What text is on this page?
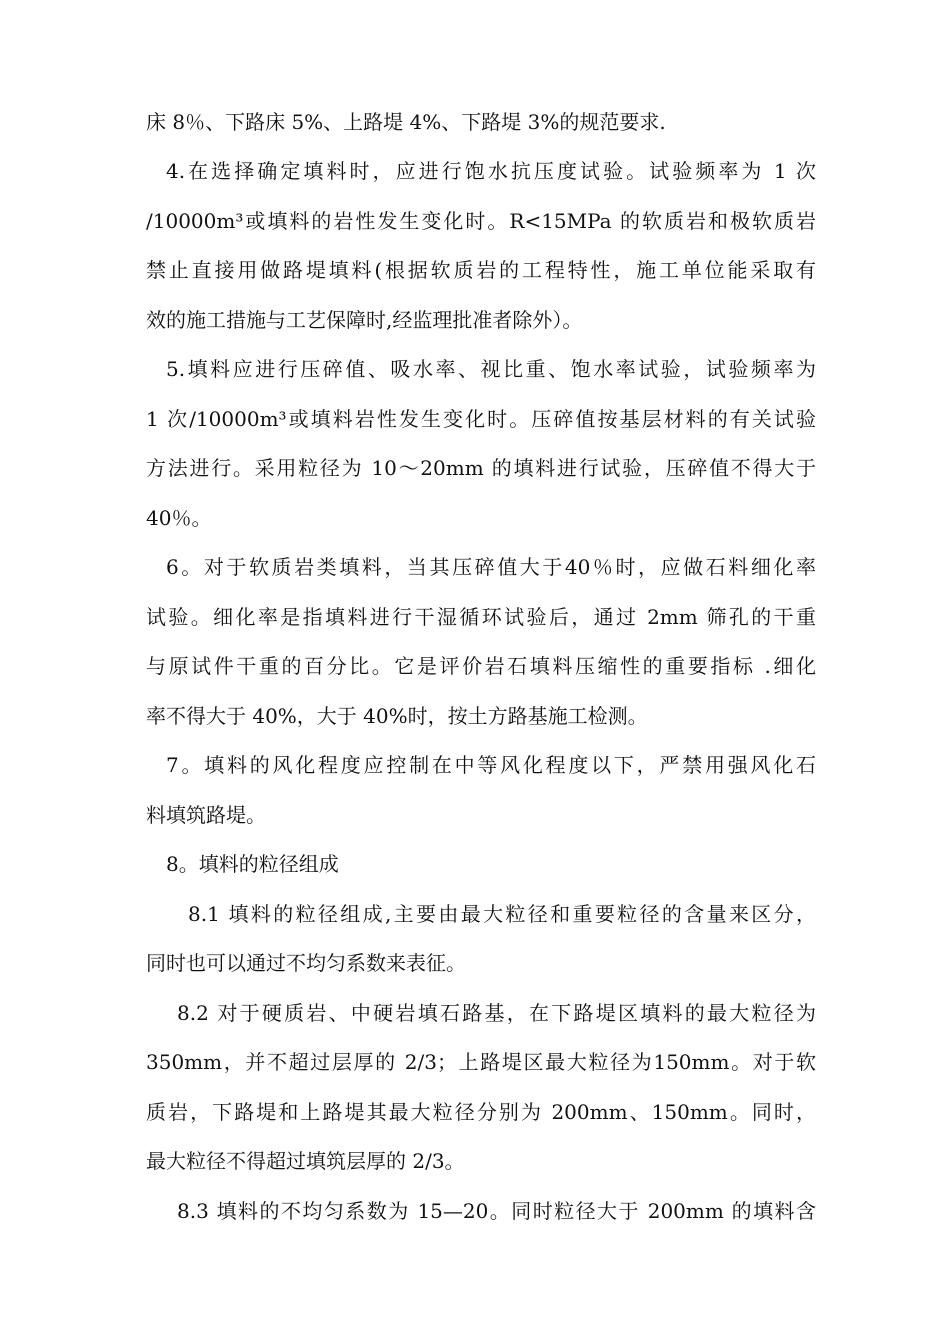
床 8％、下路床 5%、上路堤 4%、下路堤 3%的规范要求.
4.在选择确定填料时，应进行饱水抗压度试验。试验频率为 1 次
/10000m³或填料的岩性发生变化时。R<15MPa 的软质岩和极软质岩
禁止直接用做路堤填料(根据软质岩的工程特性，施工单位能采取有
效的施工措施与工艺保障时,经监理批准者除外）。
5.填料应进行压碎值、吸水率、视比重、饱水率试验，试验频率为
1 次/10000m³或填料岩性发生变化时。压碎值按基层材料的有关试验
方法进行。采用粒径为 10～20mm 的填料进行试验，压碎值不得大于
40％。
6。对于软质岩类填料，当其压碎值大于40％时，应做石料细化率
试验。细化率是指填料进行干湿循环试验后，通过 2mm 筛孔的干重
与原试件干重的百分比。它是评价岩石填料压缩性的重要指标 .细化
率不得大于 40%，大于 40%时，按土方路基施工检测。
7。填料的风化程度应控制在中等风化程度以下，严禁用强风化石
料填筑路堤。
8。填料的粒径组成
8.1 填料的粒径组成,主要由最大粒径和重要粒径的含量来区分，
同时也可以通过不均匀系数来表征。
8.2 对于硬质岩、中硬岩填石路基，在下路堤区填料的最大粒径为
350mm，并不超过层厚的 2/3；上路堤区最大粒径为150mm。对于软
质岩，下路堤和上路堤其最大粒径分别为 200mm、150mm。同时，
最大粒径不得超过填筑层厚的 2/3。
8.3 填料的不均匀系数为 15—20。同时粒径大于 200mm 的填料含
